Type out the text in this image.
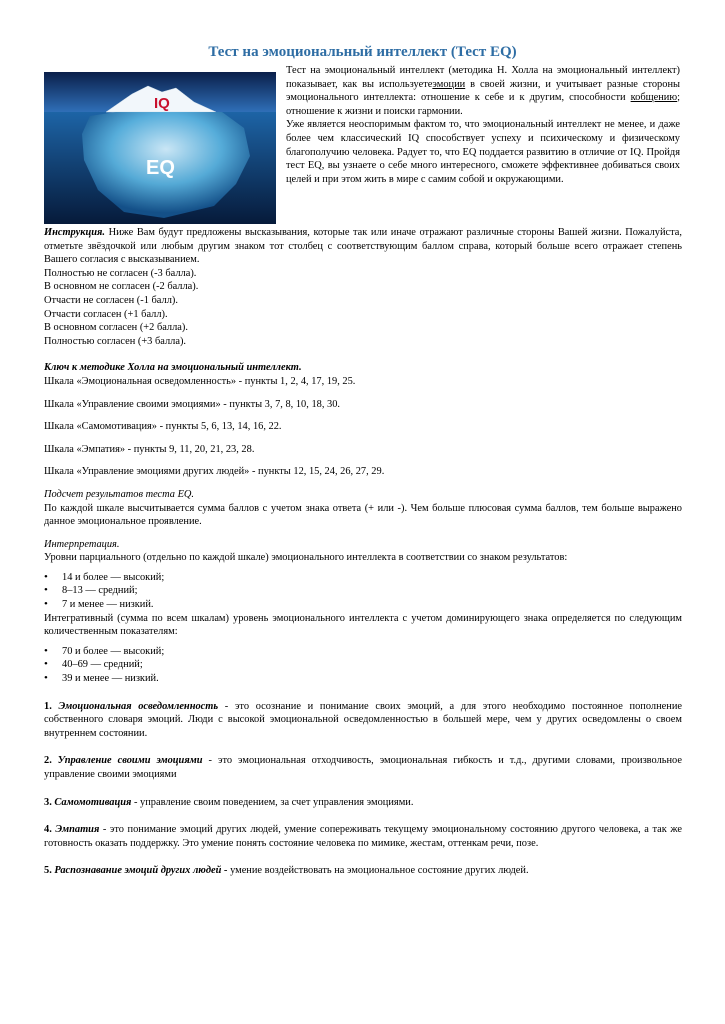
Тест на эмоциональный интеллект (Тест EQ)
IQ
EQ

Тест на эмоциональный интеллект (методика Н. Холла на эмоциональный интеллект) показывает, как вы используетеэмоции в своей жизни, и учитывает разные стороны эмоционального интеллекта: отношение к себе и к другим, способности кобщению; отношение к жизни и поиски гармонии.

Уже является неоспоримым фактом то, что эмоциональный интеллект не менее, и даже более чем классический IQ способствует успеху и психическому и физическому благополучию человека. Радует то, что EQ поддается развитию в отличие от IQ. Пройдя тест EQ, вы узнаете о себе много интересного, сможете эффективнее добиваться своих целей и при этом жить в мире с самим собой и окружающими.

Инструкция. Ниже Вам будут предложены высказывания, которые так или иначе отражают различные стороны Вашей жизни. Пожалуйста, отметьте звёздочкой или любым другим знаком тот столбец с соответствующим баллом справа, который больше всего отражает степень Вашего согласия с высказыванием.

Полностью не согласен (-3 балла).
В основном не согласен (-2 балла).
Отчасти не согласен (-1 балл).
Отчасти согласен (+1 балл).
В основном согласен (+2 балла).
Полностью согласен (+3 балла).
Ключ к методике Холла на эмоциональный интеллект.
Шкала «Эмоциональная осведомленность» - пункты 1, 2, 4, 17, 19, 25.
Шкала «Управление своими эмоциями» - пункты 3, 7, 8, 10, 18, 30.
Шкала «Самомотивация» - пункты 5, 6, 13, 14, 16, 22.
Шкала «Эмпатия» - пункты 9, 11, 20, 21, 23, 28.
Шкала «Управление эмоциями других людей» - пункты 12, 15, 24, 26, 27, 29.
Подсчет результатов теста EQ.

По каждой шкале высчитывается сумма баллов с учетом знака ответа (+ или -). Чем больше плюсовая сумма баллов, тем больше выражено данное эмоциональное проявление.

Интерпретация.

Уровни парциального (отдельно по каждой шкале) эмоционального интеллекта в соответствии со знаком результатов:

• 14 и более — высокий;
• 8–13 — средний;
• 7 и менее — низкий.

Интегративный (сумма по всем шкалам) уровень эмоционального интеллекта с учетом доминирующего знака определяется по следующим количественным показателям:

• 70 и более — высокий;
• 40–69 — средний;
• 39 и менее — низкий.

1. Эмоциональная осведомленность - это осознание и понимание своих эмоций, а для этого необходимо постоянное пополнение собственного словаря эмоций. Люди с высокой эмоциональной осведомленностью в большей мере, чем у других осведомлены о своем внутреннем состоянии.

2. Управление своими эмоциями - это эмоциональная отходчивость, эмоциональная гибкость и т.д., другими словами, произвольное управление своими эмоциями

3. Самомотивация - управление своим поведением, за счет управления эмоциями.

4. Эмпатия - это понимание эмоций других людей, умение сопереживать текущему эмоциональному состоянию другого человека, а так же готовность оказать поддержку. Это умение понять состояние человека по мимике, жестам, оттенкам речи, позе.

5. Распознавание эмоций других людей - умение воздействовать на эмоциональное состояние других людей.
